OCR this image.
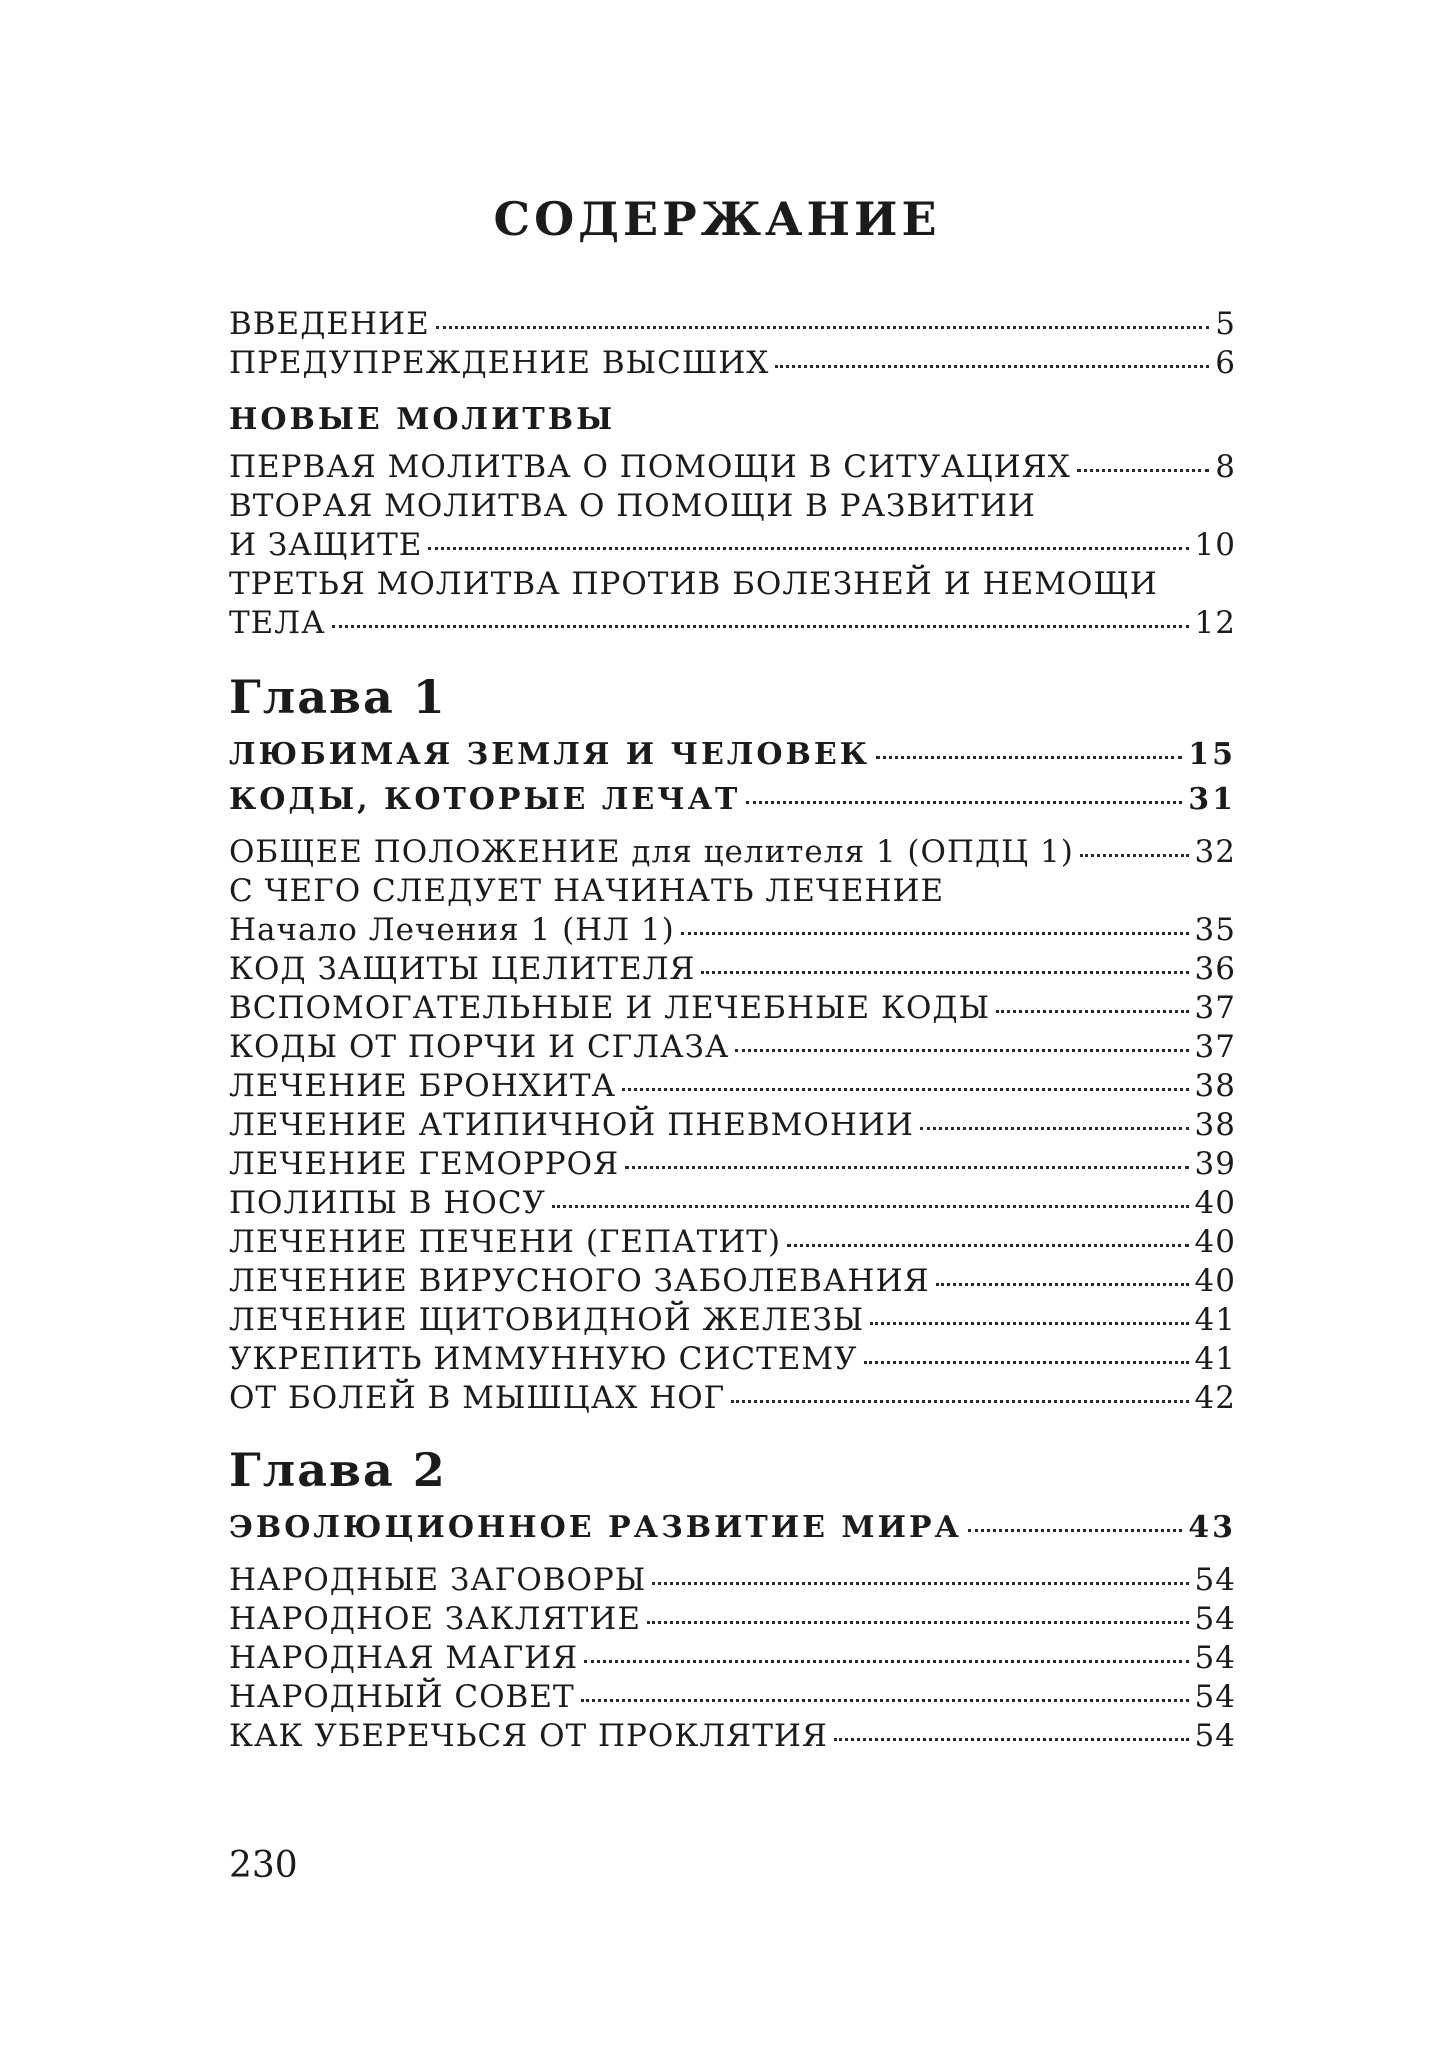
СОДЕРЖАНИЕ
ВВЕДЕНИЕ	5
ПРЕДУПРЕЖДЕНИЕ ВЫСШИХ	6
НОВЫЕ МОЛИТВЫ
ПЕРВАЯ МОЛИТВА О ПОМОЩИ В СИТУАЦИЯХ	8
ВТОРАЯ МОЛИТВА О ПОМОЩИ В РАЗВИТИИ
И ЗАЩИТЕ	10
ТРЕТЬЯ МОЛИТВА ПРОТИВ БОЛЕЗНЕЙ И НЕМОЩИ
ТЕЛА	12
Глава 1
ЛЮБИМАЯ ЗЕМЛЯ И ЧЕЛОВЕК	15
КОДЫ, КОТОРЫЕ ЛЕЧАТ	31
ОБЩЕЕ ПОЛОЖЕНИЕ для целителя 1 (ОПДЦ 1)	32
С ЧЕГО СЛЕДУЕТ НАЧИНАТЬ ЛЕЧЕНИЕ
Начало Лечения 1 (НЛ 1)	35
КОД ЗАЩИТЫ ЦЕЛИТЕЛЯ	36
ВСПОМОГАТЕЛЬНЫЕ И ЛЕЧЕБНЫЕ КОДЫ	37
КОДЫ ОТ ПОРЧИ И СГЛАЗА	37
ЛЕЧЕНИЕ БРОНХИТА	38
ЛЕЧЕНИЕ АТИПИЧНОЙ ПНЕВМОНИИ	38
ЛЕЧЕНИЕ ГЕМОРРОЯ	39
ПОЛИПЫ В НОСУ	40
ЛЕЧЕНИЕ ПЕЧЕНИ (ГЕПАТИТ)	40
ЛЕЧЕНИЕ ВИРУСНОГО ЗАБОЛЕВАНИЯ	40
ЛЕЧЕНИЕ ЩИТОВИДНОЙ ЖЕЛЕЗЫ	41
УКРЕПИТЬ ИММУННУЮ СИСТЕМУ	41
ОТ БОЛЕЙ В МЫШЦАХ НОГ	42
Глава 2
ЭВОЛЮЦИОННОЕ РАЗВИТИЕ МИРА	43
НАРОДНЫЕ ЗАГОВОРЫ	54
НАРОДНОЕ ЗАКЛЯТИЕ	54
НАРОДНАЯ МАГИЯ	54
НАРОДНЫЙ СОВЕТ	54
КАК УБЕРЕЧЬСЯ ОТ ПРОКЛЯТИЯ	54
230
